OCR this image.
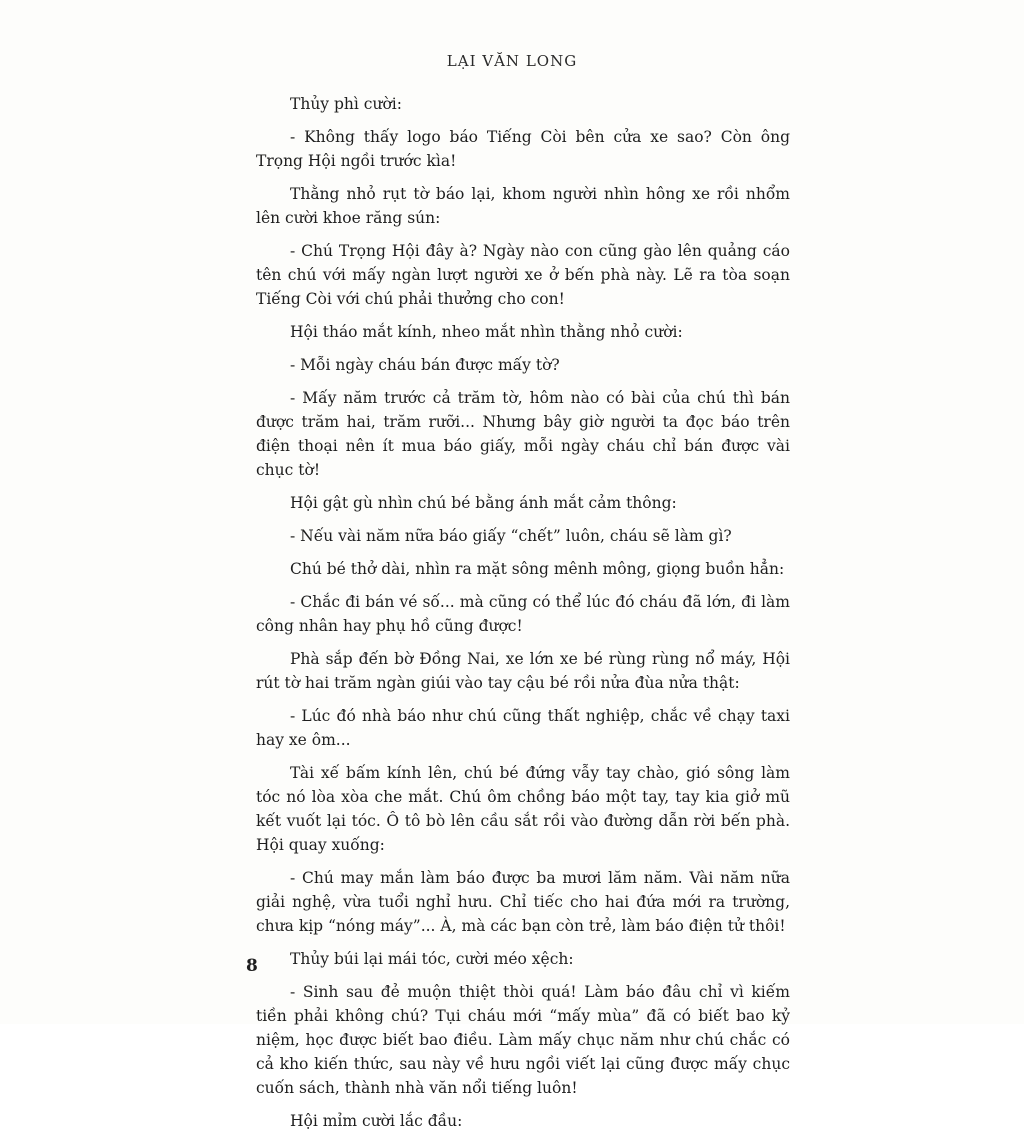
LẠI VĂN LONG

Thủy phì cười:

- Không thấy logo báo Tiếng Còi bên cửa xe sao? Còn ông Trọng Hội ngồi trước kìa!

Thằng nhỏ rụt tờ báo lại, khom người nhìn hông xe rồi nhổm lên cười khoe răng sún:

- Chú Trọng Hội đây à? Ngày nào con cũng gào lên quảng cáo tên chú với mấy ngàn lượt người xe ở bến phà này. Lẽ ra tòa soạn Tiếng Còi với chú phải thưởng cho con!

Hội tháo mắt kính, nheo mắt nhìn thằng nhỏ cười:

- Mỗi ngày cháu bán được mấy tờ?

- Mấy năm trước cả trăm tờ, hôm nào có bài của chú thì bán được trăm hai, trăm rưỡi... Nhưng bây giờ người ta đọc báo trên điện thoại nên ít mua báo giấy, mỗi ngày cháu chỉ bán được vài chục tờ!

Hội gật gù nhìn chú bé bằng ánh mắt cảm thông:

- Nếu vài năm nữa báo giấy “chết” luôn, cháu sẽ làm gì?

Chú bé thở dài, nhìn ra mặt sông mênh mông, giọng buồn hẳn:

- Chắc đi bán vé số... mà cũng có thể lúc đó cháu đã lớn, đi làm công nhân hay phụ hồ cũng được!

Phà sắp đến bờ Đồng Nai, xe lớn xe bé rùng rùng nổ máy, Hội rút tờ hai trăm ngàn giúi vào tay cậu bé rồi nửa đùa nửa thật:

- Lúc đó nhà báo như chú cũng thất nghiệp, chắc về chạy taxi hay xe ôm...

Tài xế bấm kính lên, chú bé đứng vẫy tay chào, gió sông làm tóc nó lòa xòa che mắt. Chú ôm chồng báo một tay, tay kia giở mũ kết vuốt lại tóc. Ô tô bò lên cầu sắt rồi vào đường dẫn rời bến phà. Hội quay xuống:

- Chú may mắn làm báo được ba mươi lăm năm. Vài năm nữa giải nghệ, vừa tuổi nghỉ hưu. Chỉ tiếc cho hai đứa mới ra trường, chưa kịp “nóng máy”... À, mà các bạn còn trẻ, làm báo điện tử thôi!

Thủy búi lại mái tóc, cười méo xệch:

- Sinh sau đẻ muộn thiệt thòi quá! Làm báo đâu chỉ vì kiếm tiền phải không chú? Tụi cháu mới “mấy mùa” đã có biết bao kỷ niệm, học được biết bao điều. Làm mấy chục năm như chú chắc có cả kho kiến thức, sau này về hưu ngồi viết lại cũng được mấy chục cuốn sách, thành nhà văn nổi tiếng luôn!

Hội mỉm cười lắc đầu:

8
